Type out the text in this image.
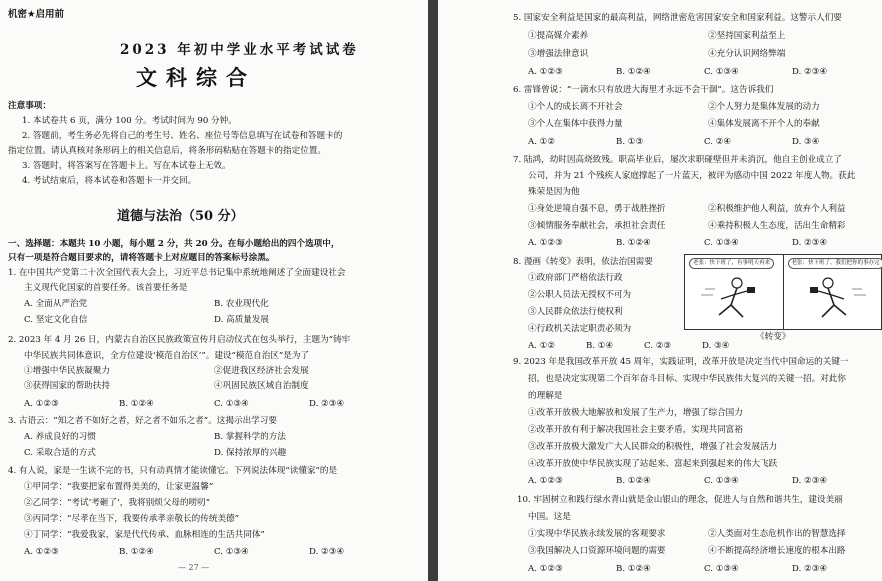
机密★启用前
2023 年初中学业水平考试试卷
文科综合
注意事项：
1. 本试卷共 6 页，满分 100 分。考试时间为 90 分钟。
2. 答题前，考生务必先将自己的考生号、姓名、座位号等信息填写在试卷和答题卡的
指定位置。请认真核对条形码上的相关信息后，将条形码粘贴在答题卡的指定位置。
3. 答题时，将答案写在答题卡上。写在本试卷上无效。
4. 考试结束后，将本试卷和答题卡一并交回。
道德与法治（50 分）
一、选择题：本题共 10 小题，每小题 2 分，共 20 分。在每小题给出的四个选项中，
只有一项是符合题目要求的，请将答题卡上对应题目的答案标号涂黑。
1. 在中国共产党第二十次全国代表大会上，习近平总书记集中系统地阐述了全面建设社会
主义现代化国家的首要任务。该首要任务是
A. 全面从严治党	B. 农业现代化
C. 坚定文化自信	D. 高质量发展
2. 2023 年 4 月 26 日，内蒙古自治区民族政策宣传月启动仪式在包头举行，主题为“铸牢
中华民族共同体意识，全方位建设‘模范自治区’”。建设“模范自治区”是为了
①增强中华民族凝聚力	②促进我区经济社会发展
③获得国家的帮助扶持	④巩固民族区域自治制度
A. ①②③	B. ①②④	C. ①③④	D. ②③④
3. 古语云：“知之者不如好之者，好之者不如乐之者”。这揭示出学习要
A. 养成良好的习惯	B. 掌握科学的方法
C. 采取合适的方式	D. 保持浓厚的兴趣
4. 有人说，家是一生读不完的书，只有动真情才能读懂它。下列说法体现“读懂家”的是
①甲同学：“我要把家布置得美美的，让家更温馨”
②乙同学：“考试‘考砸了’，我将别烦父母的唠叨”
③丙同学：“尽孝在当下，我要传承孝亲敬长的传统美德”
④丁同学：“我爱我家，家是代代传承、血脉相连的生活共同体”
A. ①②③	B. ①②④	C. ①③④	D. ②③④
— 27 —
5. 国家安全利益是国家的最高利益，网络泄密危害国家安全和国家利益。这警示人们要
①提高媒介素养	②坚持国家利益至上
③增强法律意识	④充分认识网络弊端
A. ①②③	B. ①②④	C. ①③④	D. ②③④
6. 雷锋曾说：“一滴水只有放进大海里才永远不会干涸”。这告诉我们
①个人的成长离不开社会	②个人努力是集体发展的动力
③个人在集体中获得力量	④集体发展离不开个人的奉献
A. ①②	B. ①③	C. ②④	D. ③④
7. 陆鸿，幼时因高烧致残。职高毕业后，屡次求职碰壁但并未消沉，他自主创业成立了
公司，并为 21 个残疾人家庭撑起了一片蓝天，被评为感动中国 2022 年度人物。获此
殊荣是因为他
①身处逆境自强不息，勇于战胜挫折	②积极维护他人利益，放弃个人利益
③倾情服务奉献社会，承担社会责任	④乘持积极人生态度，活出生命精彩
A. ①②③	B. ①②④	C. ①③④	D. ②③④
8. 漫画《转变》表明，依法治国需要
①政府部门严格依法行政
②公职人员法无授权不可为
③人民群众依法行使权利
④行政机关法定职责必须为
A. ①②	B. ①④	C. ②③	D. ③④
老张：快下班了，有事明天再来	老张：快下班了，我们把你的事办完
《转变》
9. 2023 年是我国改革开放 45 周年，实践证明，改革开放是决定当代中国命运的关键一
招，也是决定实现第二个百年奋斗目标、实现中华民族伟大复兴的关键一招。对此你
的理解是
①改革开放极大地解放和发展了生产力，增强了综合国力
②改革开放有利于解决我国社会主要矛盾，实现共同富裕
③改革开放极大激发广大人民群众的积极性，增强了社会发展活力
④改革开放使中华民族实现了站起来、富起来到强起来的伟大飞跃
A. ①②③	B. ①②④	C. ①③④	D. ②③④
10. 牢固树立和践行绿水青山就是金山银山的理念，促进人与自然和谐共生，建设美丽
中国。这是
①实现中华民族永续发展的客观要求	②人类面对生态危机作出的智慧选择
③我国解决人口资源环境问题的需要	④不断提高经济增长速度的根本出路
A. ①②③	B. ①②④	C. ①③④	D. ②③④
